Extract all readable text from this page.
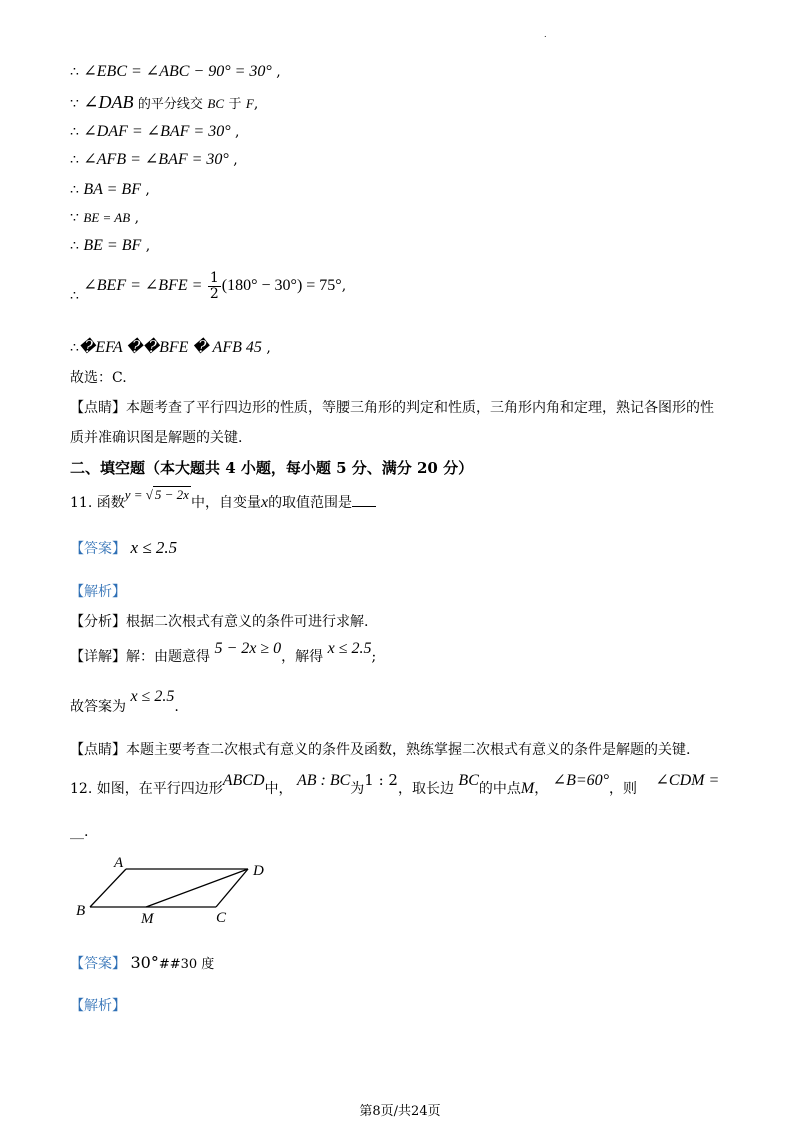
.
∴ ∠EBC = ∠ABC − 90° = 30° ,
∵ ∠DAB 的平分线交 BC 于 F,
∴ ∠DAF = ∠BAF = 30° ,
∴ ∠AFB = ∠BAF = 30° ,
∴ BA = BF ,
∵ BE = AB ,
∴ BE = BF ,
∴ ∠BEF = ∠BFE = $\frac{1}{2} (180^\circ - 30^\circ) = 75^\circ$,
∴�EFA ��BFE � AFB 45 ,
故选：C.
【点睛】本题考查了平行四边形的性质，等腰三角形的判定和性质，三角形内角和定理，熟记各图形的性
质并准确识图是解题的关键.
二、填空题（本大题共 4 小题，每小题 5 分、满分 20 分）
11. 函数y = √ 5 − 2x中，自变量x的取值范围是
【答案】 x ≤ 2.5
【解析】
【分析】根据二次根式有意义的条件可进行求解.
【详解】解：由题意得 5 − 2x ≥ 0，解得 x ≤ 2.5;
故答案为 x ≤ 2.5.
【点睛】本题主要考查二次根式有意义的条件及函数，熟练掌握二次根式有意义的条件是解题的关键.
12. 如图，在平行四边形ABCD中， AB : BC为1 : 2，取长边 BC的中点M， ∠B=60°，则 ∠CDM =
__.
A	D
B	M	C
【答案】 30°##30 度
【解析】
第8页/共24页
